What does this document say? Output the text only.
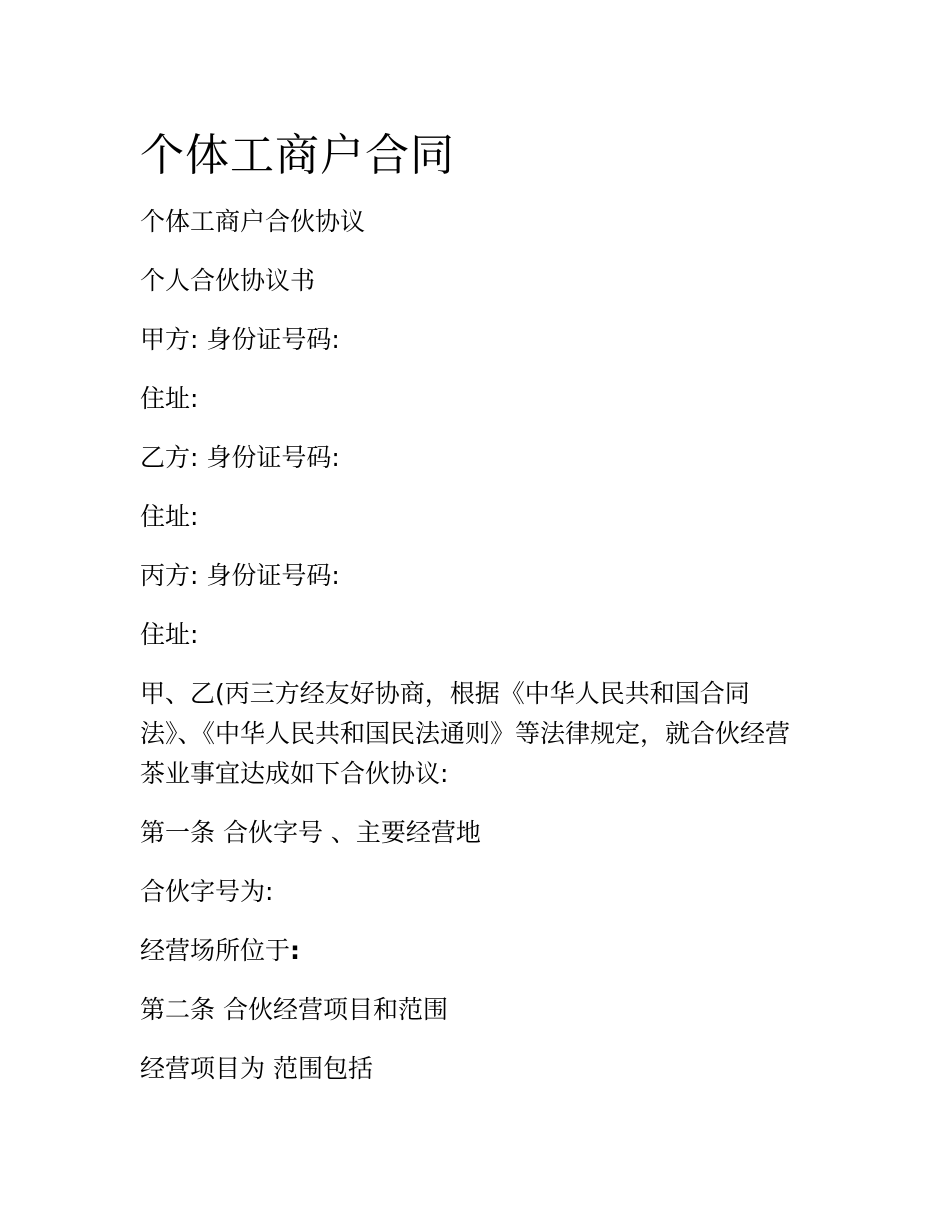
个体工商户合同
个体工商户合伙协议
个人合伙协议书
甲方: 身份证号码:
住址:
乙方: 身份证号码:
住址:
丙方: 身份证号码:
住址:
甲、乙(丙三方经友好协商，根据《中华人民共和国合同法》、《中华人民共和国民法通则》等法律规定，就合伙经营茶业事宜达成如下合伙协议:
第一条 合伙字号 、主要经营地
合伙字号为:
经营场所位于:
第二条 合伙经营项目和范围
经营项目为 范围包括
